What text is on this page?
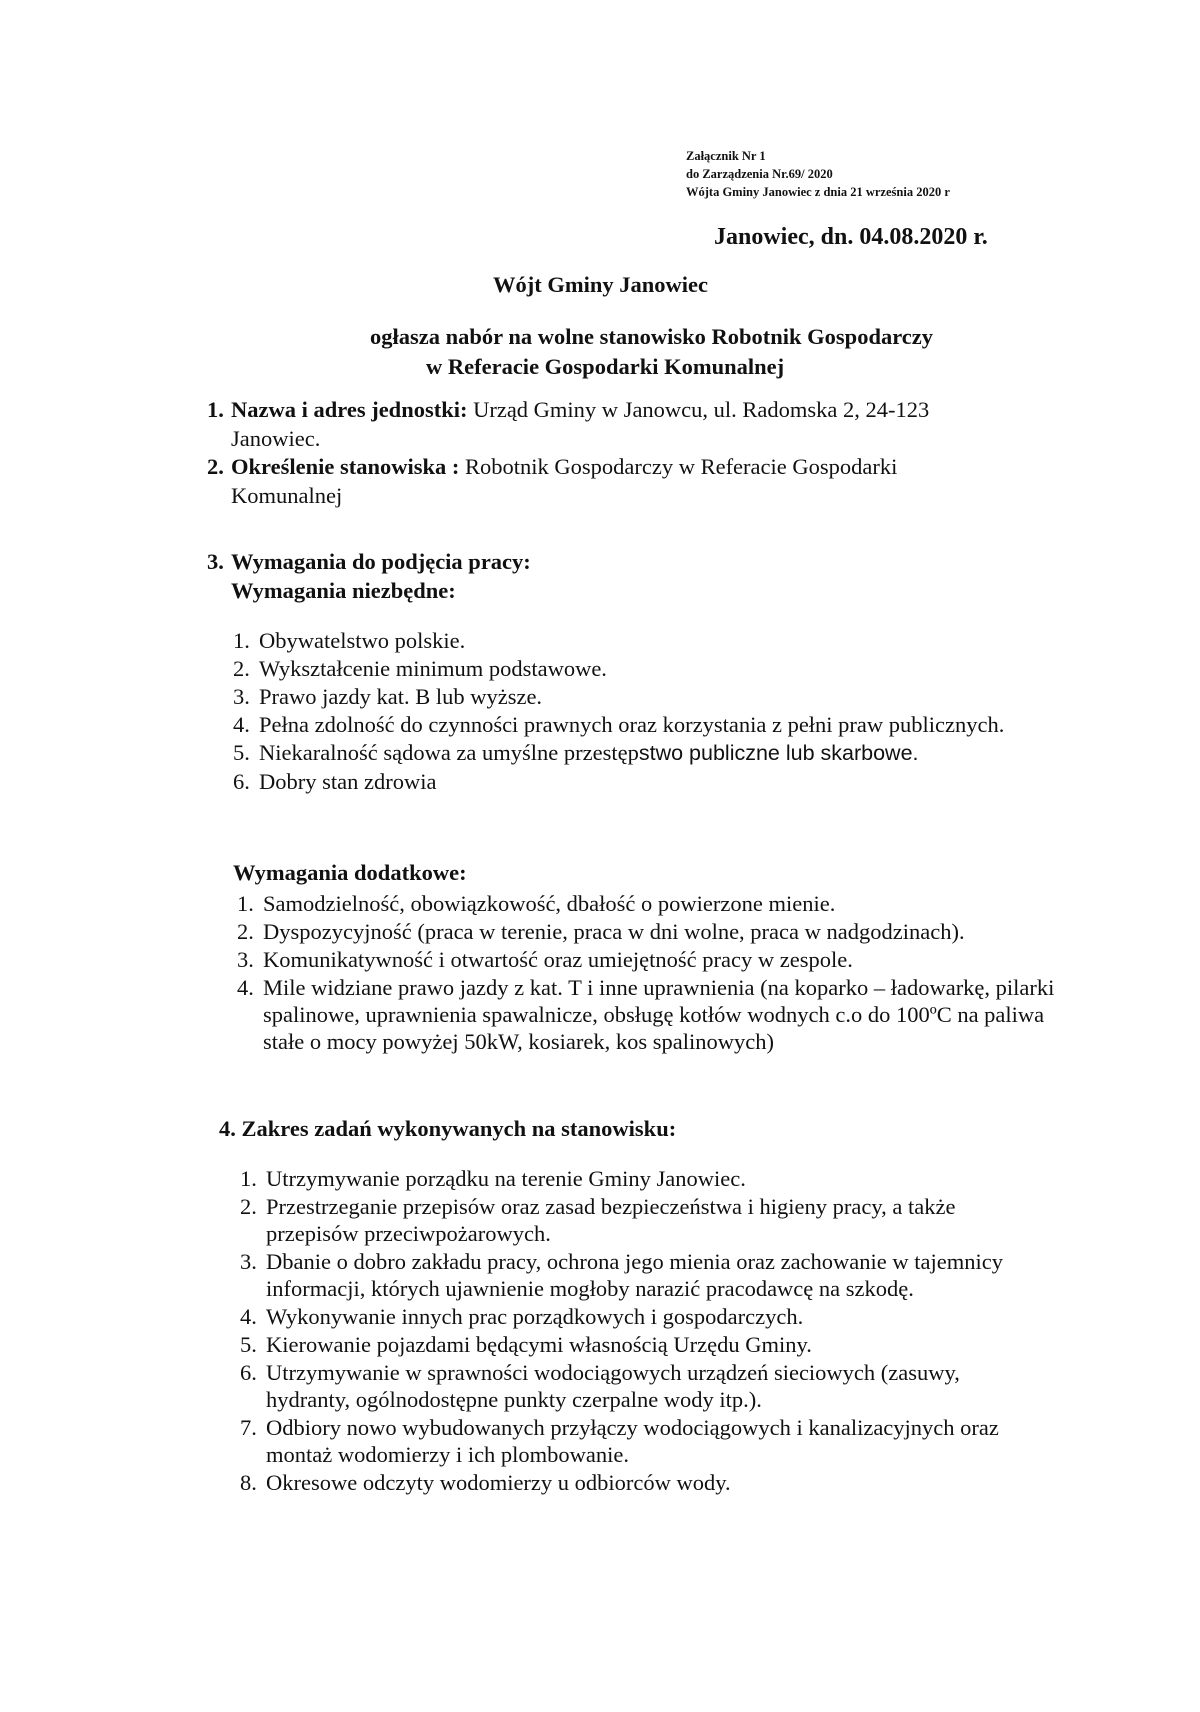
Załącznik Nr 1
do Zarządzenia Nr.69/ 2020
Wójta Gminy Janowiec z dnia 21 września 2020 r
Janowiec, dn. 04.08.2020 r.
Wójt Gminy Janowiec
ogłasza nabór na wolne stanowisko Robotnik Gospodarczy
w Referacie Gospodarki Komunalnej
1. Nazwa i adres jednostki: Urząd Gminy w Janowcu, ul. Radomska 2, 24-123
Janowiec.
2. Określenie stanowiska : Robotnik Gospodarczy w Referacie Gospodarki
Komunalnej
3. Wymagania do podjęcia pracy:
Wymagania niezbędne:
1. Obywatelstwo polskie.
2. Wykształcenie minimum podstawowe.
3. Prawo jazdy kat. B lub wyższe.
4. Pełna zdolność do czynności prawnych oraz korzystania z pełni praw publicznych.
5. Niekaralność sądowa za umyślne przestępstwo publiczne lub skarbowe.
6. Dobry stan zdrowia
Wymagania dodatkowe:
1. Samodzielność, obowiązkowość, dbałość o powierzone mienie.
2. Dyspozycyjność (praca w terenie, praca w dni wolne, praca w nadgodzinach).
3. Komunikatywność i otwartość oraz umiejętność pracy w zespole.
4. Mile widziane prawo jazdy z kat. T i inne uprawnienia (na koparko – ładowarkę, pilarki spalinowe, uprawnienia spawalnicze, obsługę kotłów wodnych c.o do 100ºC na paliwa stałe o mocy powyżej 50kW, kosiarek, kos spalinowych)
4. Zakres zadań wykonywanych na stanowisku:
1. Utrzymywanie porządku na terenie Gminy Janowiec.
2. Przestrzeganie przepisów oraz zasad bezpieczeństwa i higieny pracy, a także przepisów przeciwpożarowych.
3. Dbanie o dobro zakładu pracy, ochrona jego mienia oraz zachowanie w tajemnicy informacji, których ujawnienie mogłoby narazić pracodawcę na szkodę.
4. Wykonywanie innych prac porządkowych i gospodarczych.
5. Kierowanie pojazdami będącymi własnością Urzędu Gminy.
6. Utrzymywanie w sprawności wodociągowych urządzeń sieciowych (zasuwy, hydranty, ogólnodostępne punkty czerpalne wody itp.).
7. Odbiory nowo wybudowanych przyłączy wodociągowych i kanalizacyjnych oraz montaż wodomierzy i ich plombowanie.
8. Okresowe odczyty wodomierzy u odbiorców wody.
